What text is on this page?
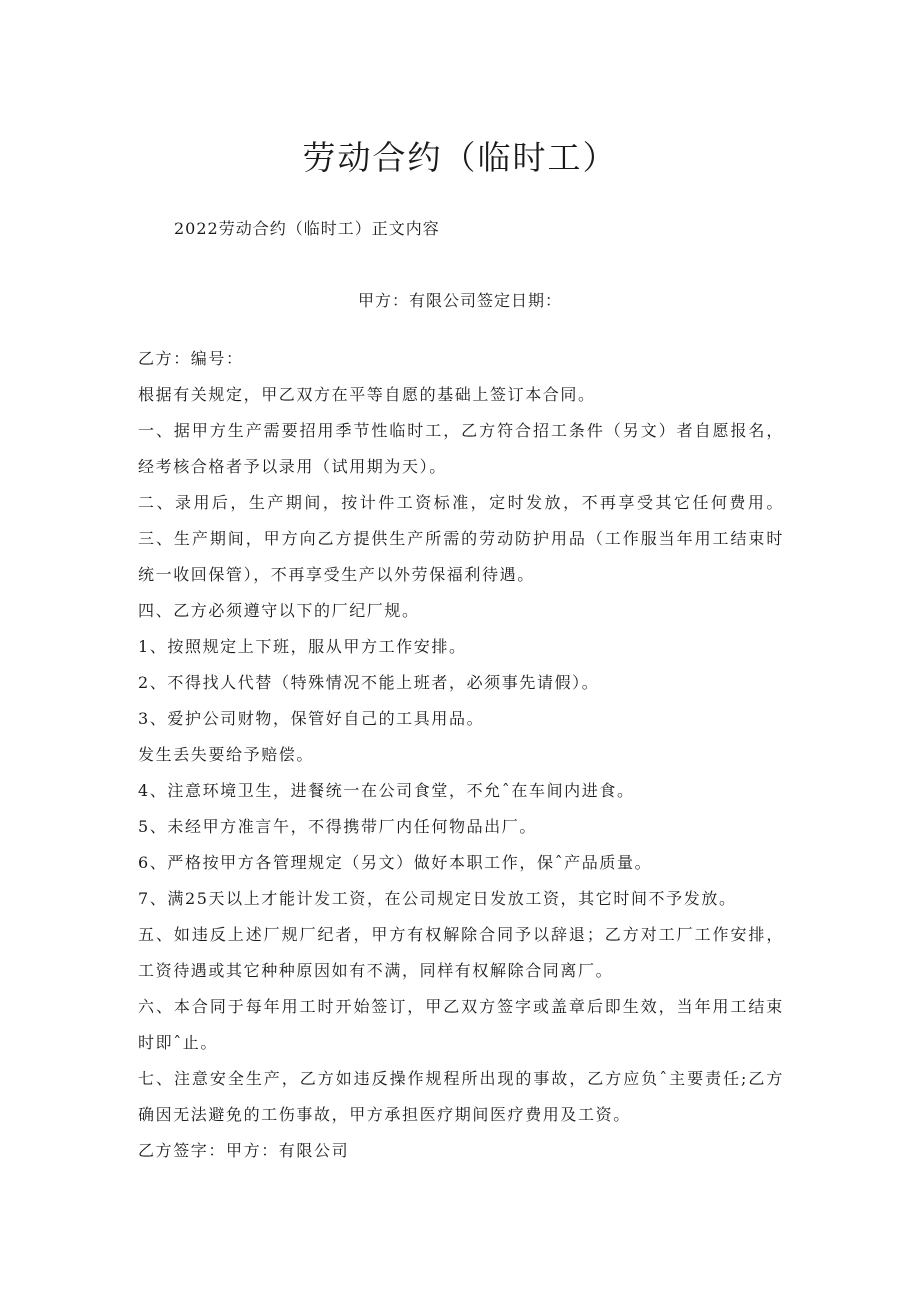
劳动合约（临时工）

2022劳动合约（临时工）正文内容

甲方：有限公司签定日期：

乙方：编号：

根据有关规定，甲乙双方在平等自愿的基础上签订本合同。

一、据甲方生产需要招用季节性临时工，乙方符合招工条件（另文）者自愿报名，经考核合格者予以录用（试用期为天）。

二、录用后，生产期间，按计件工资标准，定时发放，不再享受其它任何费用。三、生产期间，甲方向乙方提供生产所需的劳动防护用品（工作服当年用工结束时统一收回保管），不再享受生产以外劳保福利待遇。

四、乙方必须遵守以下的厂纪厂规。

1、按照规定上下班，服从甲方工作安排。

2、不得找人代替（特殊情况不能上班者，必须事先请假）。

3、爱护公司财物，保管好自己的工具用品。

发生丢失要给予赔偿。

4、注意环境卫生，进餐统一在公司食堂，不允ˆ在车间内进食。

5、未经甲方准言午，不得携带厂内任何物品出厂。

6、严格按甲方各管理规定（另文）做好本职工作，保ˆ产品质量。

7、满25天以上才能计发工资，在公司规定日发放工资，其它时间不予发放。

五、如违反上述厂规厂纪者，甲方有权解除合同予以辞退；乙方对工厂工作安排，工资待遇或其它种种原因如有不满，同样有权解除合同离厂。

六、本合同于每年用工时开始签订，甲乙双方签字或盖章后即生效，当年用工结束时即ˆ止。

七、注意安全生产，乙方如违反操作规程所出现的事故，乙方应负ˆ主要责任;乙方确因无法避免的工伤事故，甲方承担医疗期间医疗费用及工资。

乙方签字：甲方：有限公司
